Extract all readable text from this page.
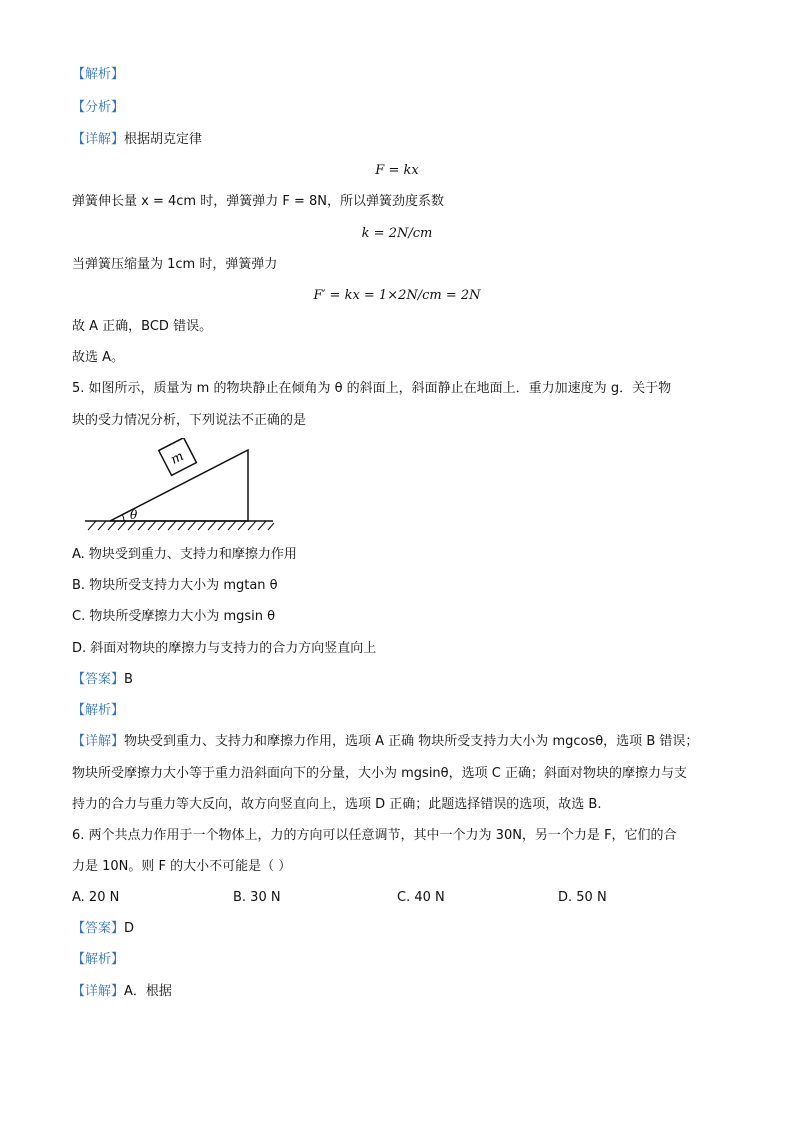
【解析】
【分析】
【详解】根据胡克定律
F = kx
弹簧伸长量 x = 4cm 时，弹簧弹力 F = 8N，所以弹簧劲度系数
k = 2N/cm
当弹簧压缩量为 1cm 时，弹簧弹力
F′ = kx = 1×2N/cm = 2N
故 A 正确，BCD 错误。
故选 A。
5. 如图所示，质量为 m 的物块静止在倾角为 θ 的斜面上，斜面静止在地面上．重力加速度为 g．关于物
块的受力情况分析，下列说法不正确的是
m
θ
A. 物块受到重力、支持力和摩擦力作用
B. 物块所受支持力大小为 mgtan θ
C. 物块所受摩擦力大小为 mgsin θ
D. 斜面对物块的摩擦力与支持力的合力方向竖直向上
【答案】B
【解析】
【详解】物块受到重力、支持力和摩擦力作用，选项 A 正确 物块所受支持力大小为 mgcosθ，选项 B 错误；
物块所受摩擦力大小等于重力沿斜面向下的分量，大小为 mgsinθ，选项 C 正确；斜面对物块的摩擦力与支
持力的合力与重力等大反向，故方向竖直向上，选项 D 正确；此题选择错误的选项，故选 B.
6. 两个共点力作用于一个物体上，力的方向可以任意调节，其中一个力为 30N，另一个力是 F，它们的合
力是 10N。则 F 的大小不可能是（ ）
A. 20 N	B. 30 N	C. 40 N	D. 50 N
【答案】D
【解析】
【详解】A．根据
